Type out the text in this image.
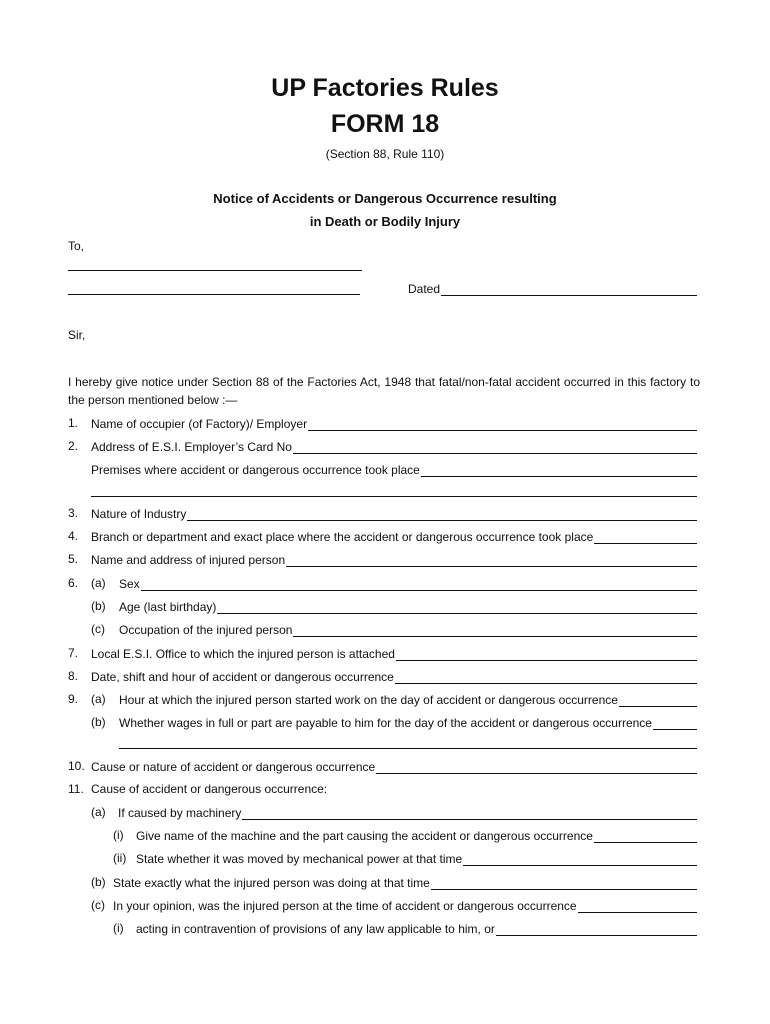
UP Factories Rules
FORM 18
(Section 88, Rule 110)
Notice of Accidents or Dangerous Occurrence resulting
in Death or Bodily Injury
To,
Dated
Sir,
I hereby give notice under Section 88 of the Factories Act, 1948 that fatal/non-fatal accident occurred in this factory to the person mentioned below :—
1. Name of occupier (of Factory)/ Employer
2. Address of E.S.I. Employer’s Card No
Premises where accident or dangerous occurrence took place
3. Nature of Industry
4. Branch or department and exact place where the accident or dangerous occurrence took place
5. Name and address of injured person
6. (a) Sex
(b) Age (last birthday)
(c) Occupation of the injured person
7. Local E.S.I. Office to which the injured person is attached
8. Date, shift and hour of accident or dangerous occurrence
9. (a) Hour at which the injured person started work on the day of accident or dangerous occurrence
(b) Whether wages in full or part are payable to him for the day of the accident or dangerous occurrence
10. Cause or nature of accident or dangerous occurrence
11. Cause of accident or dangerous occurrence:
(a) If caused by machinery
(i) Give name of the machine and the part causing the accident or dangerous occurrence
(ii) State whether it was moved by mechanical power at that time
(b) State exactly what the injured person was doing at that time
(c) In your opinion, was the injured person at the time of accident or dangerous occurrence
(i) acting in contravention of provisions of any law applicable to him, or
